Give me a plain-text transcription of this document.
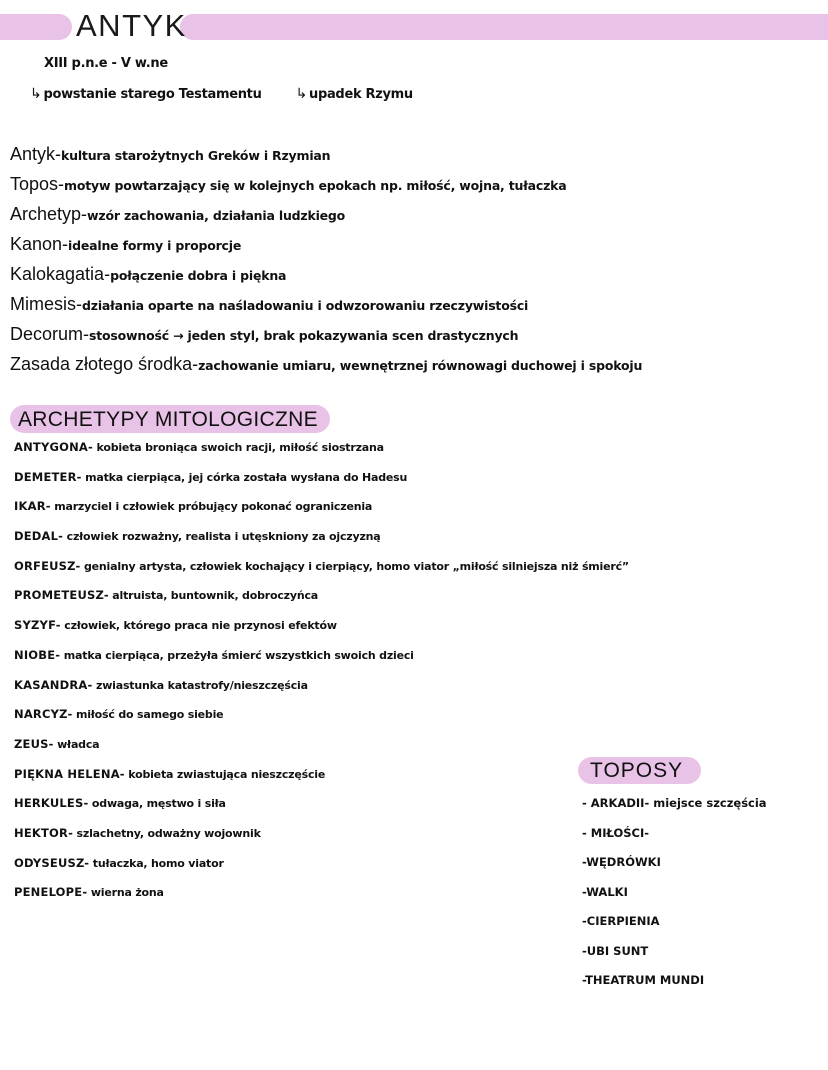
ANTYK
XIII p.n.e - V w.ne
↳ powstanie starego Testamentu
↳	upadek Rzymu
Antyk-kultura starożytnych Greków i Rzymian
Topos-motyw powtarzający się w kolejnych epokach np. miłość, wojna, tułaczka
Archetyp-wzór zachowania, działania ludzkiego
Kanon-idealne formy i proporcje
Kalokagatia-połączenie dobra i piękna
Mimesis-działania oparte na naśladowaniu i odwzorowaniu rzeczywistości
Decorum-stosowność → jeden styl, brak pokazywania scen drastycznych
Zasada złotego środka-zachowanie umiaru, wewnętrznej równowagi duchowej i spokoju
ARCHETYPY MITOLOGICZNE
ANTYGONA- kobieta broniąca swoich racji, miłość siostrzana
DEMETER- matka cierpiąca, jej córka została wysłana do Hadesu
IKAR- marzyciel i człowiek próbujący pokonać ograniczenia
DEDAL- człowiek rozważny, realista i utęskniony za ojczyzną
ORFEUSZ- genialny artysta, człowiek kochający i cierpiący, homo viator „miłość silniejsza niż śmierć”
PROMETEUSZ- altruista, buntownik, dobroczyńca
SYZYF- człowiek, którego praca nie przynosi efektów
NIOBE- matka cierpiąca, przeżyła śmierć wszystkich swoich dzieci
KASANDRA- zwiastunka katastrofy/nieszczęścia
NARCYZ- miłość do samego siebie
ZEUS- władca
PIĘKNA HELENA- kobieta zwiastująca nieszczęście
HERKULES- odwaga, męstwo i siła
HEKTOR- szlachetny, odważny wojownik
ODYSEUSZ- tułaczka, homo viator
PENELOPE- wierna żona
TOPOSY
- ARKADII- miejsce szczęścia
- MIŁOŚCI-
-WĘDRÓWKI
-WALKI
-CIERPIENIA
-UBI SUNT
-THEATRUM MUNDI
